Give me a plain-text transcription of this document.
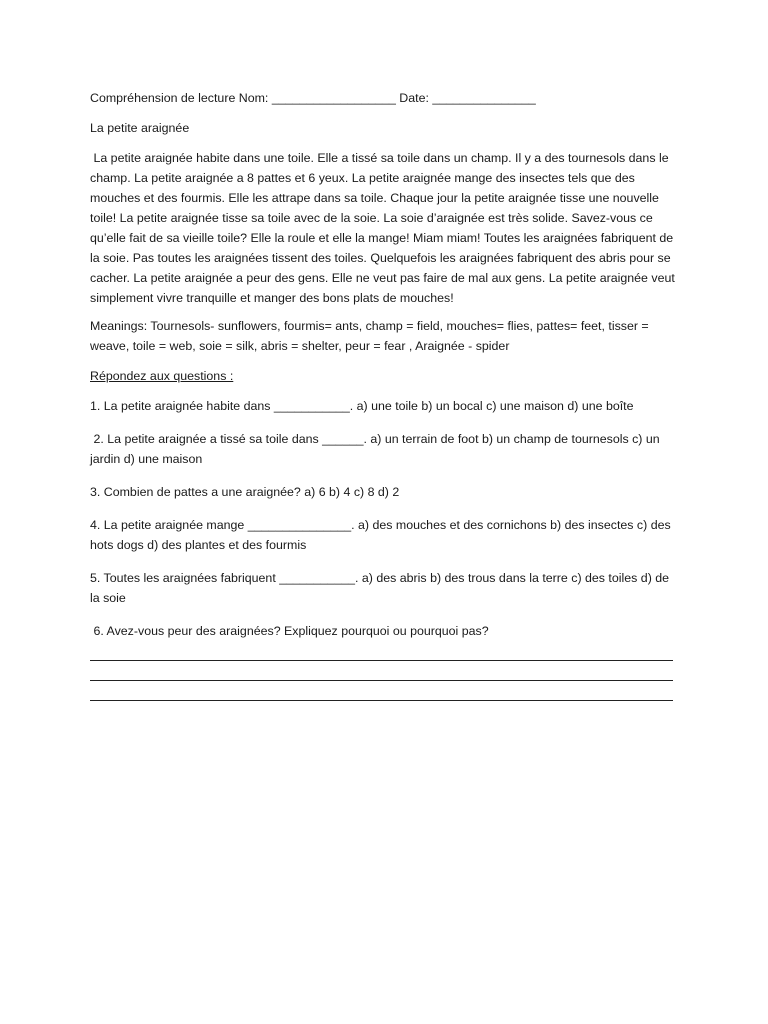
Compréhension de lecture Nom: __________________ Date: _______________
La petite araignée
La petite araignée habite dans une toile. Elle a tissé sa toile dans un champ. Il y a des tournesols dans le champ. La petite araignée a 8 pattes et 6 yeux. La petite araignée mange des insectes tels que des mouches et des fourmis. Elle les attrape dans sa toile. Chaque jour la petite araignée tisse une nouvelle toile! La petite araignée tisse sa toile avec de la soie. La soie d’araignée est très solide. Savez-vous ce qu’elle fait de sa vieille toile? Elle la roule et elle la mange! Miam miam! Toutes les araignées fabriquent de la soie. Pas toutes les araignées tissent des toiles. Quelquefois les araignées fabriquent des abris pour se cacher. La petite araignée a peur des gens. Elle ne veut pas faire de mal aux gens. La petite araignée veut simplement vivre tranquille et manger des bons plats de mouches!
Meanings: Tournesols- sunflowers, fourmis= ants, champ = field, mouches= flies, pattes= feet, tisser = weave, toile = web, soie = silk, abris = shelter, peur = fear , Araignée - spider
Répondez aux questions :
1. La petite araignée habite dans ___________. a) une toile b) un bocal c) une maison d) une boîte
2. La petite araignée a tissé sa toile dans ______. a) un terrain de foot b) un champ de tournesols c) un jardin d) une maison
3. Combien de pattes a une araignée? a) 6 b) 4 c) 8 d) 2
4. La petite araignée mange _______________. a) des mouches et des cornichons b) des insectes c) des hots dogs d) des plantes et des fourmis
5. Toutes les araignées fabriquent ___________. a) des abris b) des trous dans la terre c) des toiles d) de la soie
6. Avez-vous peur des araignées? Expliquez pourquoi ou pourquoi pas?
